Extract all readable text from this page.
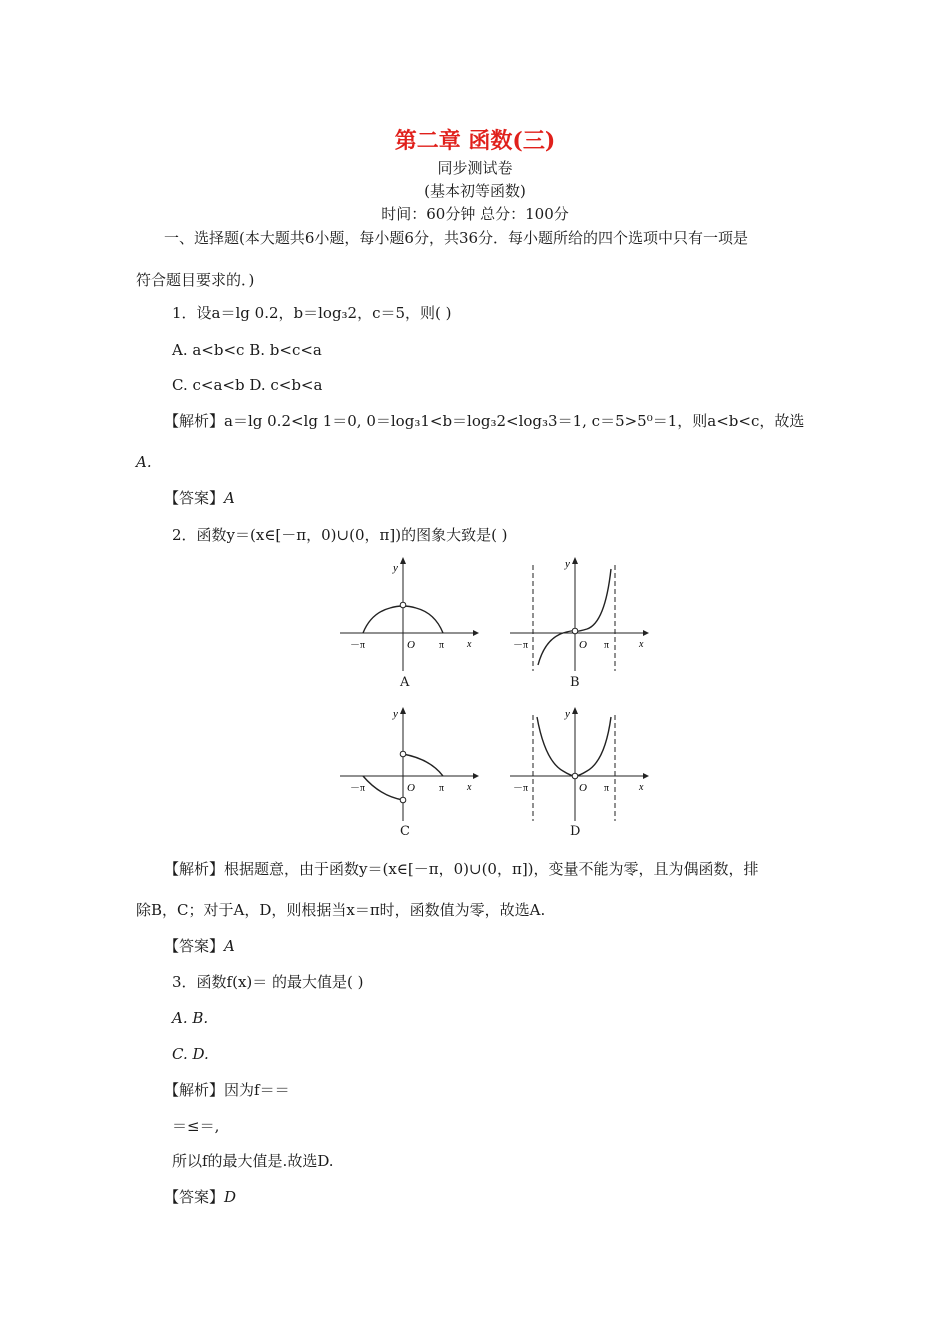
第二章 函数(三)
同步测试卷
(基本初等函数)
时间：60分钟 总分：100分
一、选择题(本大题共6小题，每小题6分，共36分．每小题所给的四个选项中只有一项是
符合题目要求的．)
1．设a＝lg 0.2，b＝log₃2，c＝5，则( )
A. a<b<c B. b<c<a
C. c<a<b D. c<b<a
【解析】a＝lg 0.2<lg 1＝0, 0＝log₃1<b＝log₃2<log₃3＝1, c＝5>5⁰＝1，则a<b<c，故选
A.
【答案】A
2．函数y＝(x∈[－π，0)∪(0，π])的图象大致是( )
y
x
O
－π	π
A
y
x
O
－π	π
B
y
x
O
－π	π
C
y
x
O
－π	π
D
【解析】根据题意，由于函数y＝(x∈[－π，0)∪(0，π])，变量不能为零，且为偶函数，排
除B，C；对于A，D，则根据当x＝π时，函数值为零，故选A.
【答案】A
3．函数f(x)＝ 的最大值是( )
A. B.
C. D.
【解析】因为f＝＝
＝≤＝,
所以f的最大值是.故选D.
【答案】D
